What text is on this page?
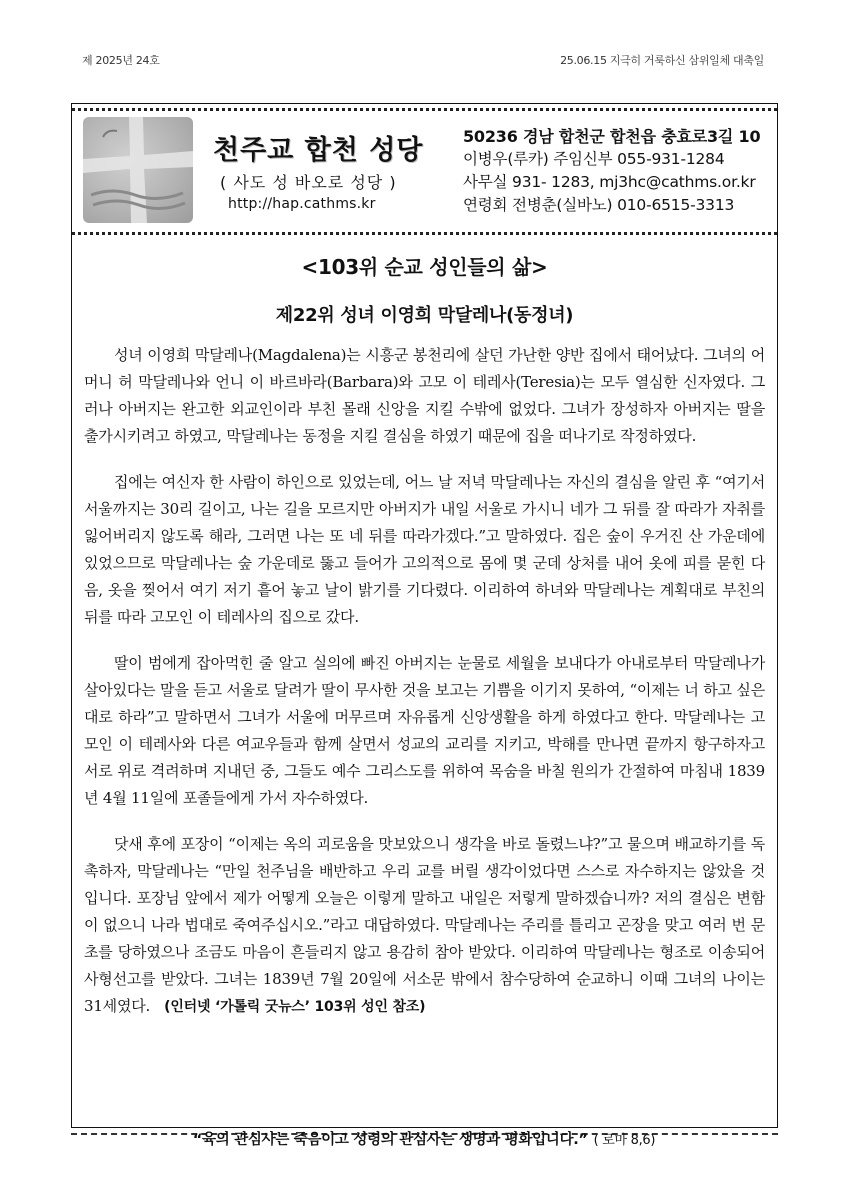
제 2025년 24호	25.06.15 지극히 거룩하신 삼위일체 대축일
천주교 합천 성당
( 사도 성 바오로 성당 )
http://hap.cathms.kr
50236 경남 합천군 합천읍 충효로3길 10
이병우(루카) 주임신부 055-931-1284
사무실 931- 1283, mj3hc@cathms.or.kr
연령회 전병춘(실바노) 010-6515-3313
<103위 순교 성인들의 삶>
제22위 성녀 이영희 막달레나(동정녀)

성녀 이영희 막달레나(Magdalena)는 시흥군 봉천리에 살던 가난한 양반 집에서 태어났다. 그녀의 어머니 허 막달레나와 언니 이 바르바라(Barbara)와 고모 이 테레사(Teresia)는 모두 열심한 신자였다. 그러나 아버지는 완고한 외교인이라 부친 몰래 신앙을 지킬 수밖에 없었다. 그녀가 장성하자 아버지는 딸을 출가시키려고 하였고, 막달레나는 동정을 지킬 결심을 하였기 때문에 집을 떠나기로 작정하였다.

집에는 여신자 한 사람이 하인으로 있었는데, 어느 날 저녁 막달레나는 자신의 결심을 알린 후 “여기서 서울까지는 30리 길이고, 나는 길을 모르지만 아버지가 내일 서울로 가시니 네가 그 뒤를 잘 따라가 자취를 잃어버리지 않도록 해라, 그러면 나는 또 네 뒤를 따라가겠다.”고 말하였다. 집은 숲이 우거진 산 가운데에 있었으므로 막달레나는 숲 가운데로 뚫고 들어가 고의적으로 몸에 몇 군데 상처를 내어 옷에 피를 묻힌 다음, 옷을 찢어서 여기 저기 흩어 놓고 날이 밝기를 기다렸다. 이리하여 하녀와 막달레나는 계획대로 부친의 뒤를 따라 고모인 이 테레사의 집으로 갔다.

딸이 범에게 잡아먹힌 줄 알고 실의에 빠진 아버지는 눈물로 세월을 보내다가 아내로부터 막달레나가 살아있다는 말을 듣고 서울로 달려가 딸이 무사한 것을 보고는 기쁨을 이기지 못하여, “이제는 너 하고 싶은 대로 하라”고 말하면서 그녀가 서울에 머무르며 자유롭게 신앙생활을 하게 하였다고 한다. 막달레나는 고모인 이 테레사와 다른 여교우들과 함께 살면서 성교의 교리를 지키고, 박해를 만나면 끝까지 항구하자고 서로 위로 격려하며 지내던 중, 그들도 예수 그리스도를 위하여 목숨을 바칠 원의가 간절하여 마침내 1839년 4월 11일에 포졸들에게 가서 자수하였다.

닷새 후에 포장이 “이제는 옥의 괴로움을 맛보았으니 생각을 바로 돌렸느냐?”고 물으며 배교하기를 독촉하자, 막달레나는 “만일 천주님을 배반하고 우리 교를 버릴 생각이었다면 스스로 자수하지는 않았을 것입니다. 포장님 앞에서 제가 어떻게 오늘은 이렇게 말하고 내일은 저렇게 말하겠습니까? 저의 결심은 변함이 없으니 나라 법대로 죽여주십시오.”라고 대답하였다. 막달레나는 주리를 틀리고 곤장을 맞고 여러 번 문초를 당하였으나 조금도 마음이 흔들리지 않고 용감히 참아 받았다. 이리하여 막달레나는 형조로 이송되어 사형선고를 받았다. 그녀는 1839년 7월 20일에 서소문 밖에서 참수당하여 순교하니 이때 그녀의 나이는 31세였다. (인터넷 ‘가톨릭 굿뉴스’ 103위 성인 참조)

“육의 관심사는 죽음이고 성령의 관심사는 생명과 평화입니다.” ( 로마 8,6)
